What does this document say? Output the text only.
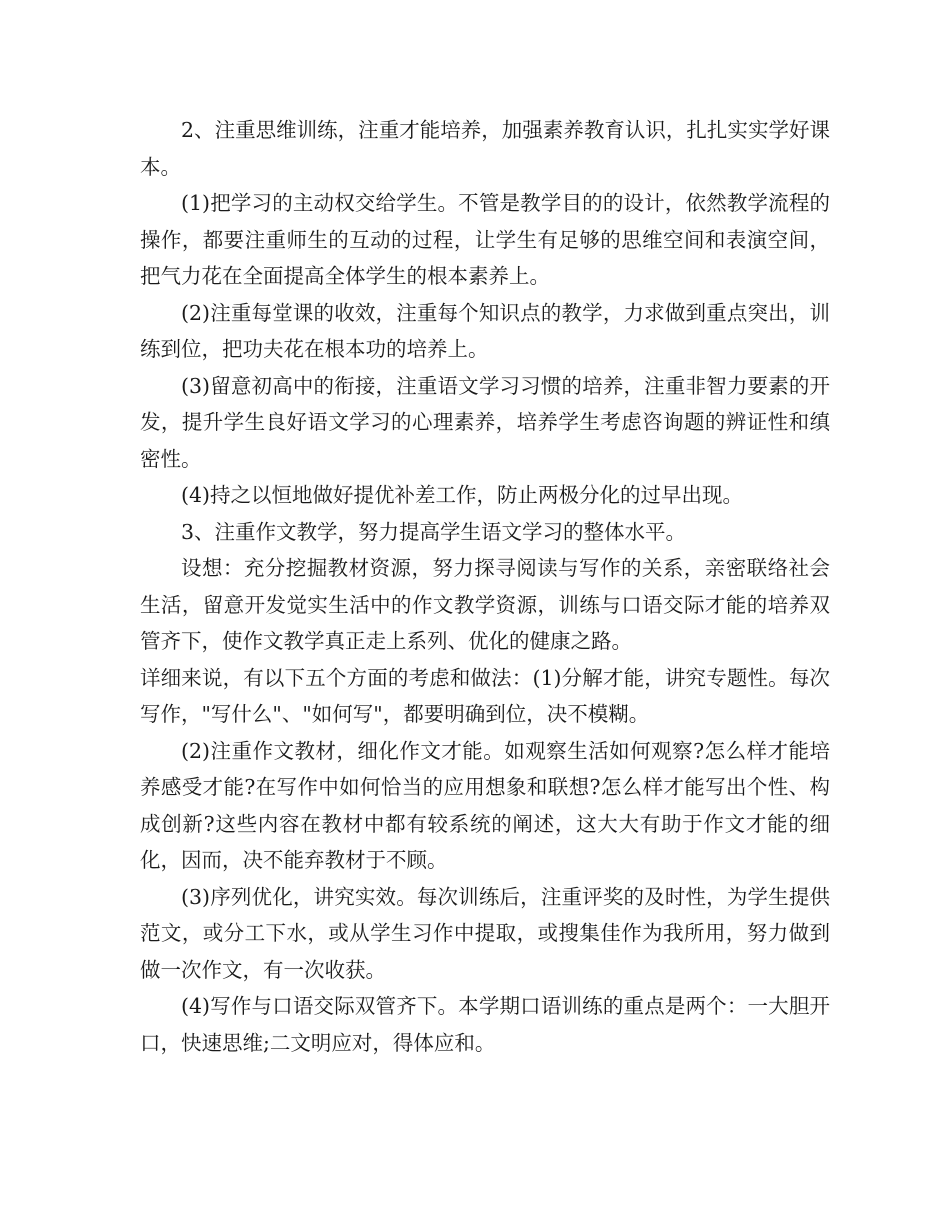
2、注重思维训练，注重才能培养，加强素养教育认识，扎扎实实学好课本。

(1)把学习的主动权交给学生。不管是教学目的的设计，依然教学流程的操作，都要注重师生的互动的过程，让学生有足够的思维空间和表演空间，把气力花在全面提高全体学生的根本素养上。

(2)注重每堂课的收效，注重每个知识点的教学，力求做到重点突出，训练到位，把功夫花在根本功的培养上。

(3)留意初高中的衔接，注重语文学习习惯的培养，注重非智力要素的开发，提升学生良好语文学习的心理素养，培养学生考虑咨询题的辨证性和缜密性。

(4)持之以恒地做好提优补差工作，防止两极分化的过早出现。

3、注重作文教学，努力提高学生语文学习的整体水平。

设想：充分挖掘教材资源，努力探寻阅读与写作的关系，亲密联络社会生活，留意开发觉实生活中的作文教学资源，训练与口语交际才能的培养双管齐下，使作文教学真正走上系列、优化的健康之路。

详细来说，有以下五个方面的考虑和做法：(1)分解才能，讲究专题性。每次写作，"写什么"、"如何写"，都要明确到位，决不模糊。

(2)注重作文教材，细化作文才能。如观察生活如何观察?怎么样才能培养感受才能?在写作中如何恰当的应用想象和联想?怎么样才能写出个性、构成创新?这些内容在教材中都有较系统的阐述，这大大有助于作文才能的细化，因而，决不能弃教材于不顾。

(3)序列优化，讲究实效。每次训练后，注重评奖的及时性，为学生提供范文，或分工下水，或从学生习作中提取，或搜集佳作为我所用，努力做到做一次作文，有一次收获。

(4)写作与口语交际双管齐下。本学期口语训练的重点是两个：一大胆开口，快速思维;二文明应对，得体应和。
